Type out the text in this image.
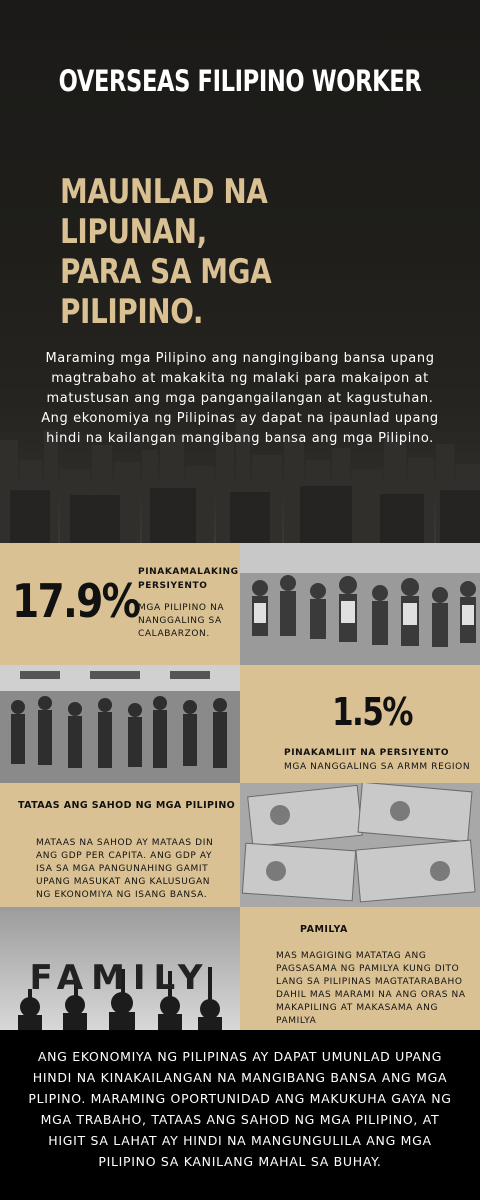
OVERSEAS FILIPINO WORKER
MAUNLAD NA LIPUNAN,
PARA SA MGA PILIPINO.
Maraming mga Pilipino ang nangingibang bansa upang magtrabaho at makakita ng malaki para makaipon at matustusan ang mga pangangailangan at kagustuhan. Ang ekonomiya ng Pilipinas ay dapat na ipaunlad upang hindi na kailangan mangibang bansa ang mga Pilipino.
17.9%
PINAKAMALAKING PERSIYENTO
MGA PILIPINO NA NANGGALING SA CALABARZON.
1.5%
PINAKAMLIIT NA PERSIYENTO
MGA NANGGALING SA ARMM REGION
TATAAS ANG SAHOD NG MGA PILIPINO
MATAAS NA SAHOD AY MATAAS DIN ANG GDP PER CAPITA. ANG GDP AY ISA SA MGA PANGUNAHING GAMIT UPANG MASUKAT ANG KALUSUGAN NG EKONOMIYA NG ISANG BANSA.
FAMILY
PAMILYA
MAS MAGIGING MATATAG ANG PAGSASAMA NG PAMILYA KUNG DITO LANG SA PILIPINAS MAGTATARABAHO DAHIL MAS MARAMI NA ANG ORAS NA MAKAPILING AT MAKASAMA ANG PAMILYA
ANG EKONOMIYA NG PILIPINAS AY DAPAT UMUNLAD UPANG HINDI NA KINAKAILANGAN NA MANGIBANG BANSA ANG MGA PLIPINO. MARAMING OPORTUNIDAD ANG MAKUKUHA GAYA NG MGA TRABAHO, TATAAS ANG SAHOD NG MGA PILIPINO, AT HIGIT SA LAHAT AY HINDI NA MANGUNGULILA ANG MGA PILIPINO SA KANILANG MAHAL SA BUHAY.
